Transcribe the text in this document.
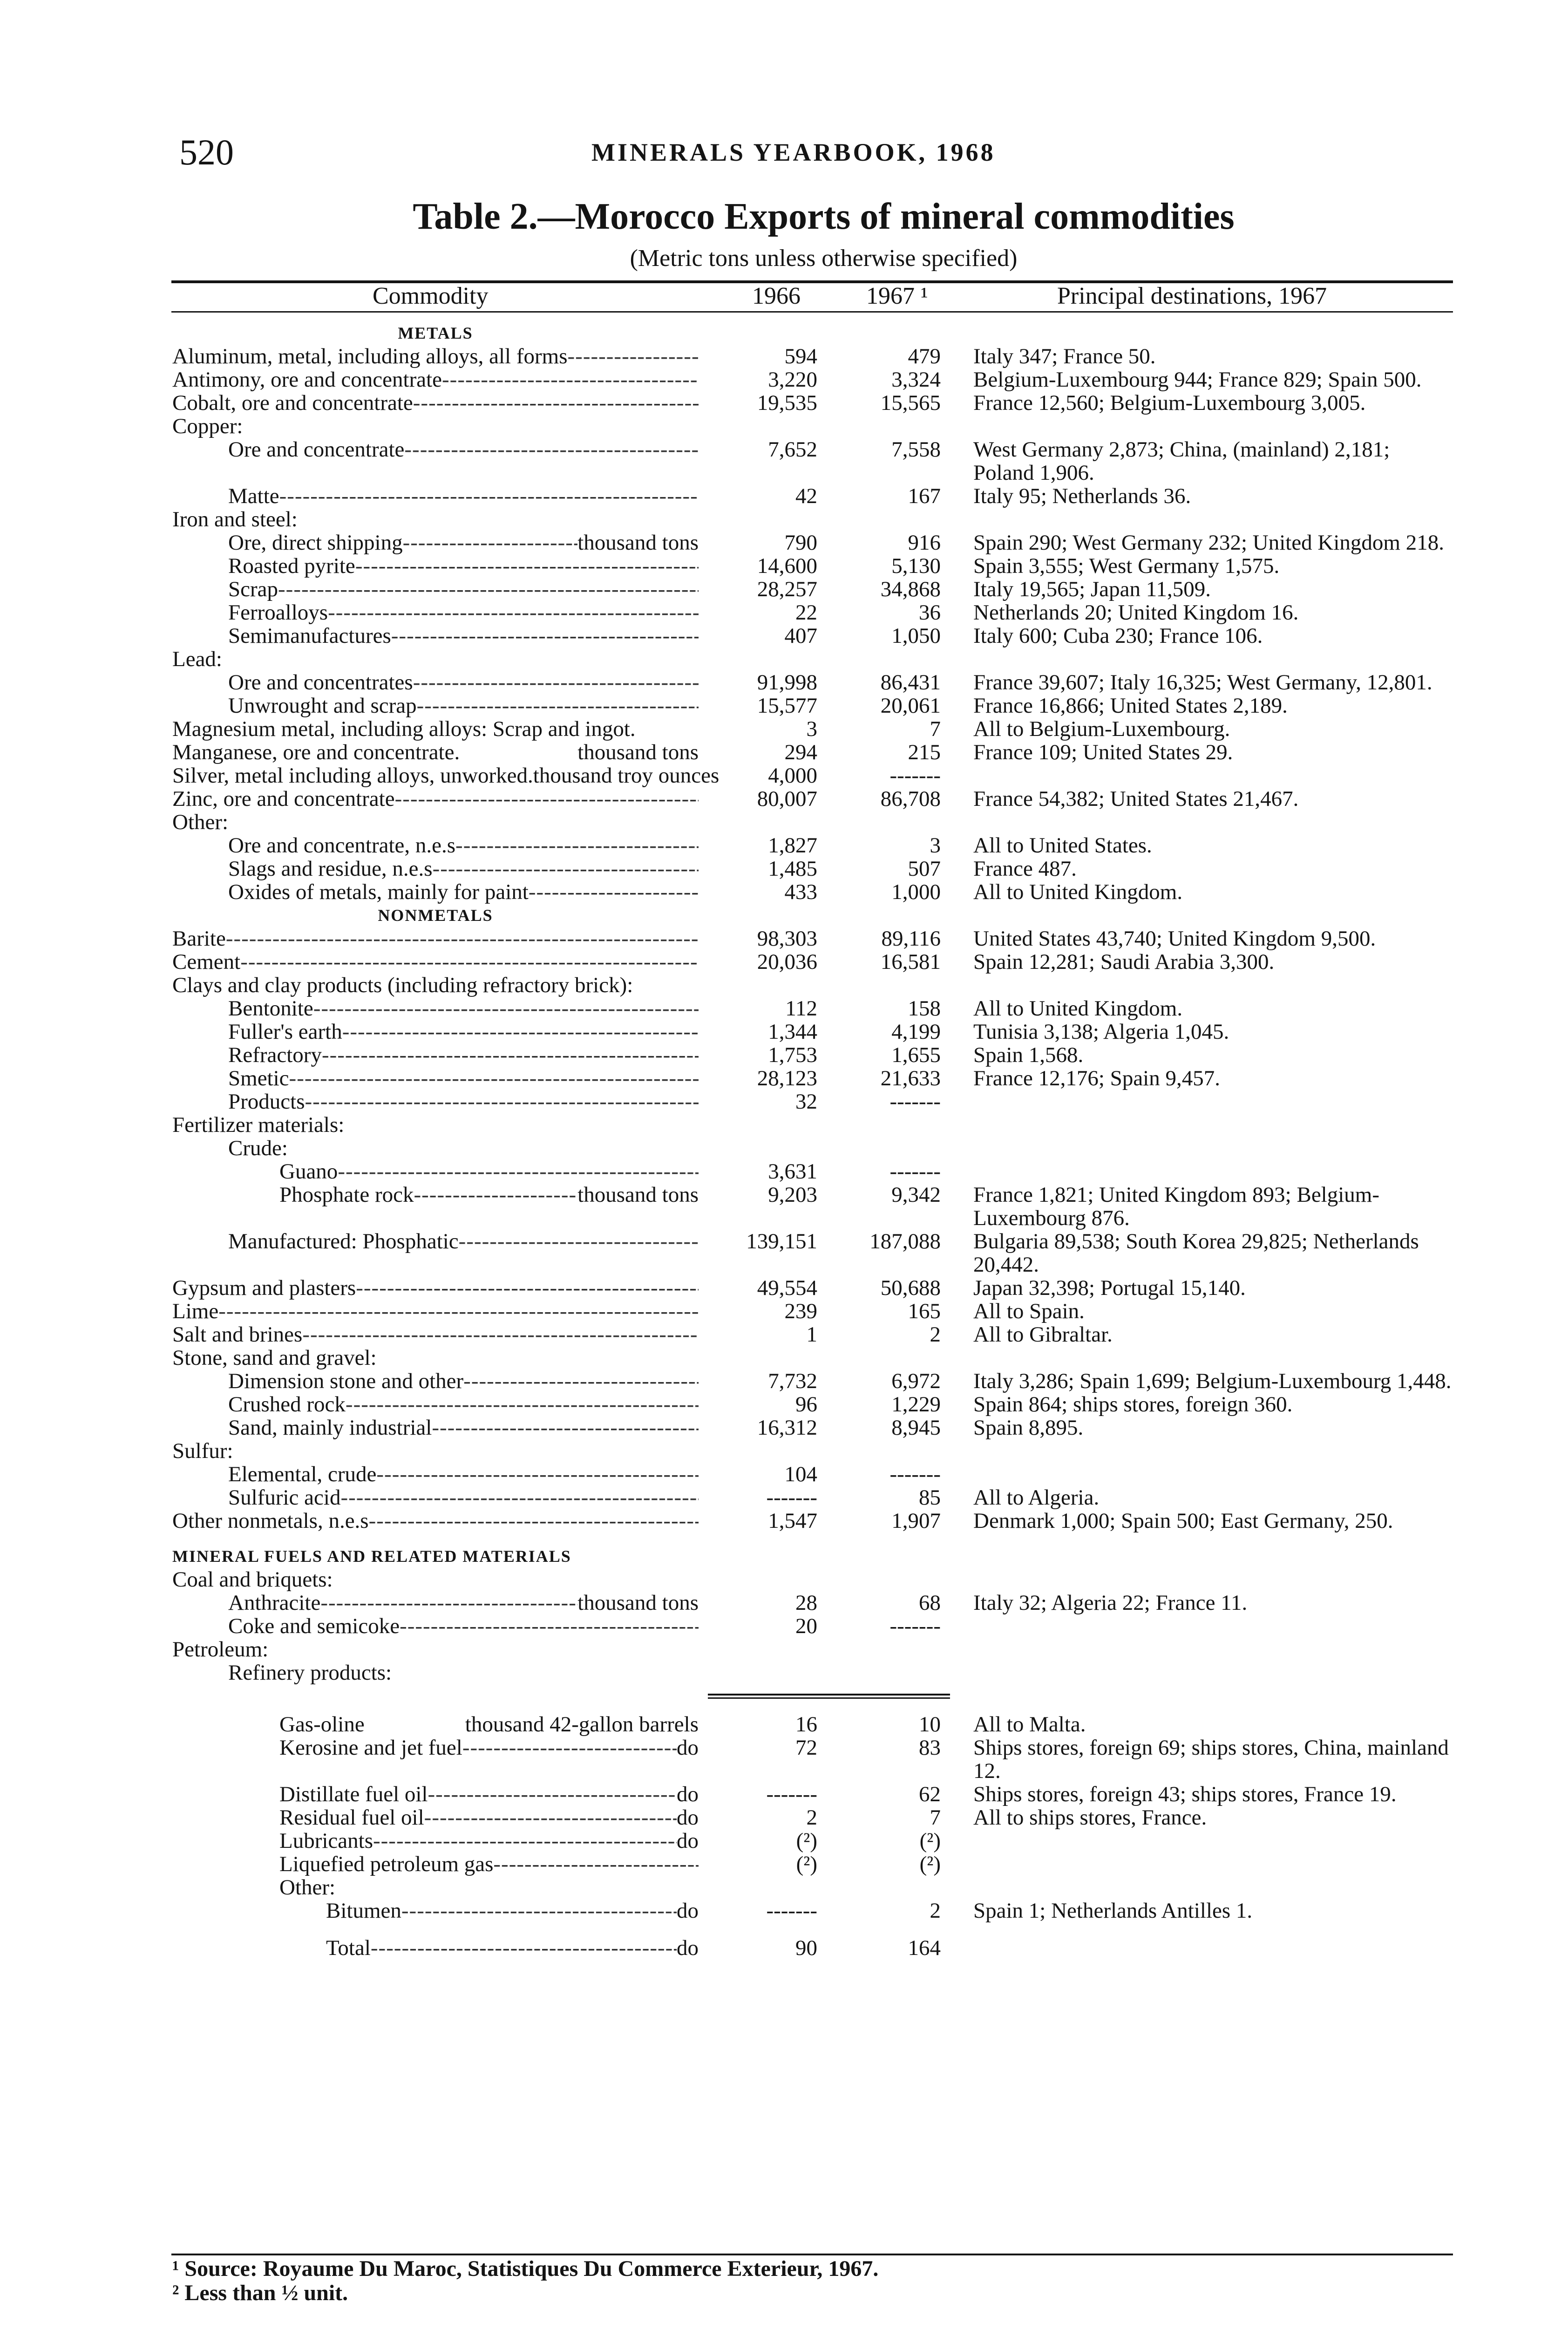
520	MINERALS YEARBOOK, 1968
Table 2.—Morocco Exports of mineral commodities
(Metric tons unless otherwise specified)
Commodity	1966	1967 ¹	Principal destinations, 1967
METALS
Aluminum, metal, including alloys, all forms -----	594	479	Italy 347; France 50.
Antimony, ore and concentrate -----	3,220	3,324	Belgium-Luxembourg 944; France 829; Spain 500.
Cobalt, ore and concentrate -----	19,535	15,565	France 12,560; Belgium-Luxembourg 3,005.
Copper:
Ore and concentrate -----	7,652	7,558	West Germany 2,873; China, (mainland) 2,181; Poland 1,906.
Matte -----	42	167	Italy 95; Netherlands 36.
Iron and steel:
Ore, direct shipping -----	thousand tons	790	916	Spain 290; West Germany 232; United Kingdom 218.
Roasted pyrite -----	14,600	5,130	Spain 3,555; West Germany 1,575.
Scrap -----	28,257	34,868	Italy 19,565; Japan 11,509.
Ferroalloys -----	22	36	Netherlands 20; United Kingdom 16.
Semimanufactures -----	407	1,050	Italy 600; Cuba 230; France 106.
Lead:
Ore and concentrates -----	91,998	86,431	France 39,607; Italy 16,325; West Germany, 12,801.
Unwrought and scrap -----	15,577	20,061	France 16,866; United States 2,189.
Magnesium metal, including alloys: Scrap and ingot.	3	7	All to Belgium-Luxembourg.
Manganese, ore and concentrate.	thousand tons	294	215	France 109; United States 29.
Silver, metal including alloys, unworked. thousand troy ounces	4,000	-------
Zinc, ore and concentrate -----	80,007	86,708	France 54,382; United States 21,467.
Other:
Ore and concentrate, n.e.s -----	1,827	3	All to United States.
Slags and residue, n.e.s -----	1,485	507	France 487.
Oxides of metals, mainly for paint -----	433	1,000	All to United Kingdom.
NONMETALS
Barite -----	98,303	89,116	United States 43,740; United Kingdom 9,500.
Cement -----	20,036	16,581	Spain 12,281; Saudi Arabia 3,300.
Clays and clay products (including refractory brick):
Bentonite -----	112	158	All to United Kingdom.
Fuller's earth -----	1,344	4,199	Tunisia 3,138; Algeria 1,045.
Refractory -----	1,753	1,655	Spain 1,568.
Smetic -----	28,123	21,633	France 12,176; Spain 9,457.
Products -----	32	-------
Fertilizer materials:
Crude:
Guano -----	3,631	-------
Phosphate rock -----	thousand tons	9,203	9,342	France 1,821; United Kingdom 893; Belgium-Luxembourg 876.
Manufactured: Phosphatic -----	139,151	187,088	Bulgaria 89,538; South Korea 29,825; Netherlands 20,442.
Gypsum and plasters -----	49,554	50,688	Japan 32,398; Portugal 15,140.
Lime -----	239	165	All to Spain.
Salt and brines -----	1	2	All to Gibraltar.
Stone, sand and gravel:
Dimension stone and other -----	7,732	6,972	Italy 3,286; Spain 1,699; Belgium-Luxembourg 1,448.
Crushed rock -----	96	1,229	Spain 864; ships stores, foreign 360.
Sand, mainly industrial -----	16,312	8,945	Spain 8,895.
Sulfur:
Elemental, crude -----	104	-------
Sulfuric acid -----	-------	85	All to Algeria.
Other nonmetals, n.e.s -----	1,547	1,907	Denmark 1,000; Spain 500; East Germany, 250.
MINERAL FUELS AND RELATED MATERIALS
Coal and briquets:
Anthracite -----	thousand tons	28	68	Italy 32; Algeria 22; France 11.
Coke and semicoke -----	20	-------
Petroleum:
Refinery products:
Gas-oline	thousand 42-gallon barrels	16	10	All to Malta.
Kerosine and jet fuel -----	do	72	83	Ships stores, foreign 69; ships stores, China, mainland 12.
Distillate fuel oil -----	do	-------	62	Ships stores, foreign 43; ships stores, France 19.
Residual fuel oil -----	do	2	7	All to ships stores, France.
Lubricants -----	do	(²)	(²)
Liquefied petroleum gas -----	(²)	(²)
Other:
Bitumen -----	do	-------	2	Spain 1; Netherlands Antilles 1.
Total -----	do	90	164
¹ Source: Royaume Du Maroc, Statistiques Du Commerce Exterieur, 1967.
² Less than ½ unit.
